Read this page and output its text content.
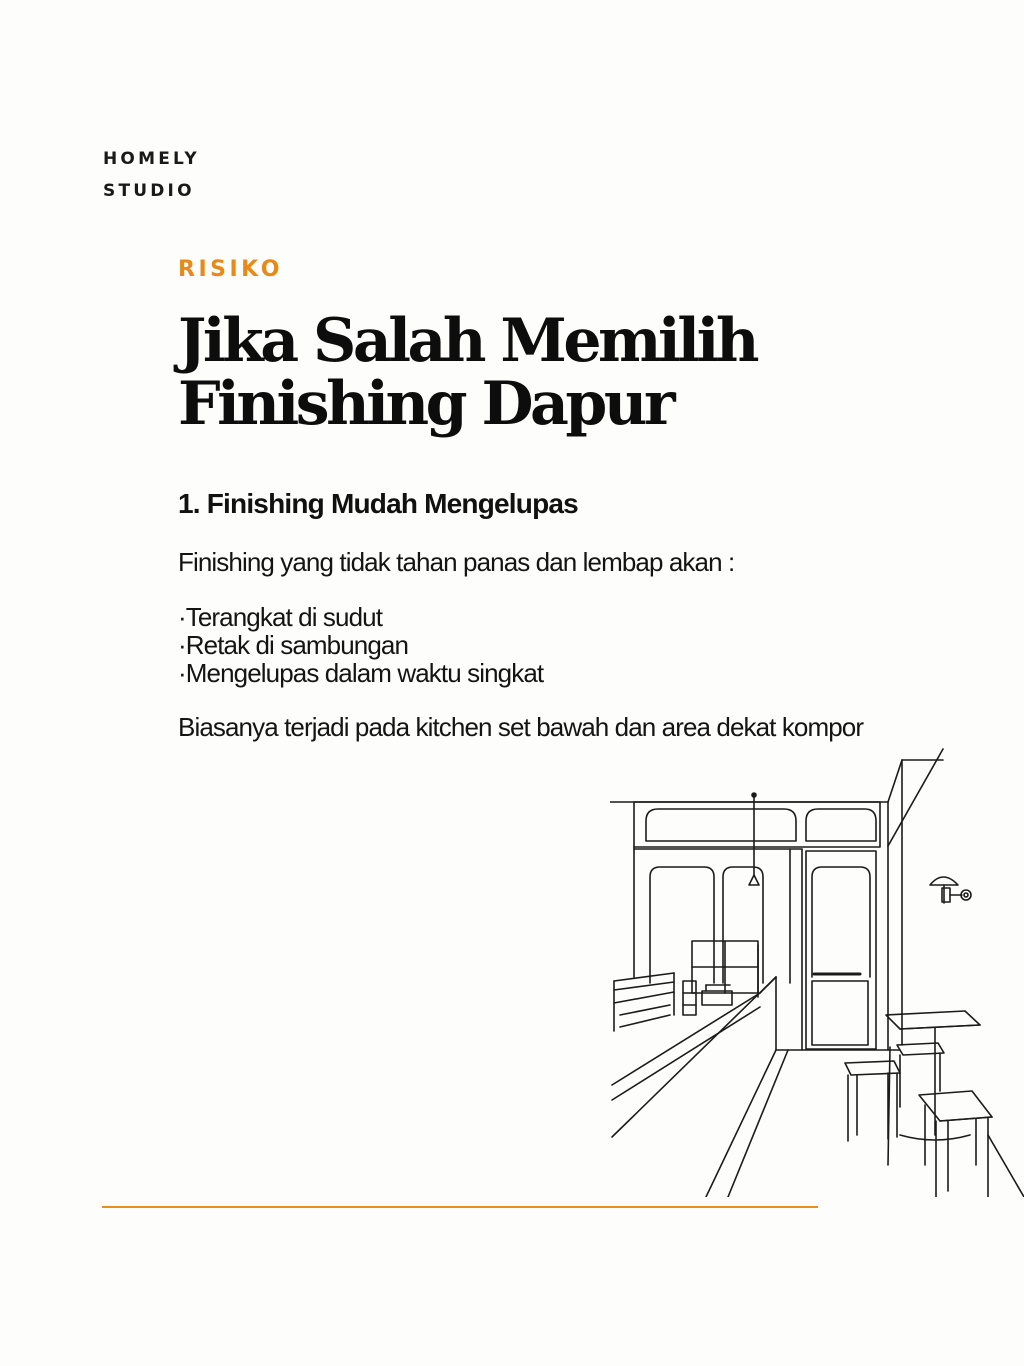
HOMELY
STUDIO
RISIKO
Jika Salah Memilih
Finishing Dapur
1. Finishing Mudah Mengelupas

Finishing yang tidak tahan panas dan lembap akan :

·Terangkat di sudut
·Retak di sambungan
·Mengelupas dalam waktu singkat

Biasanya terjadi pada kitchen set bawah dan area dekat kompor
